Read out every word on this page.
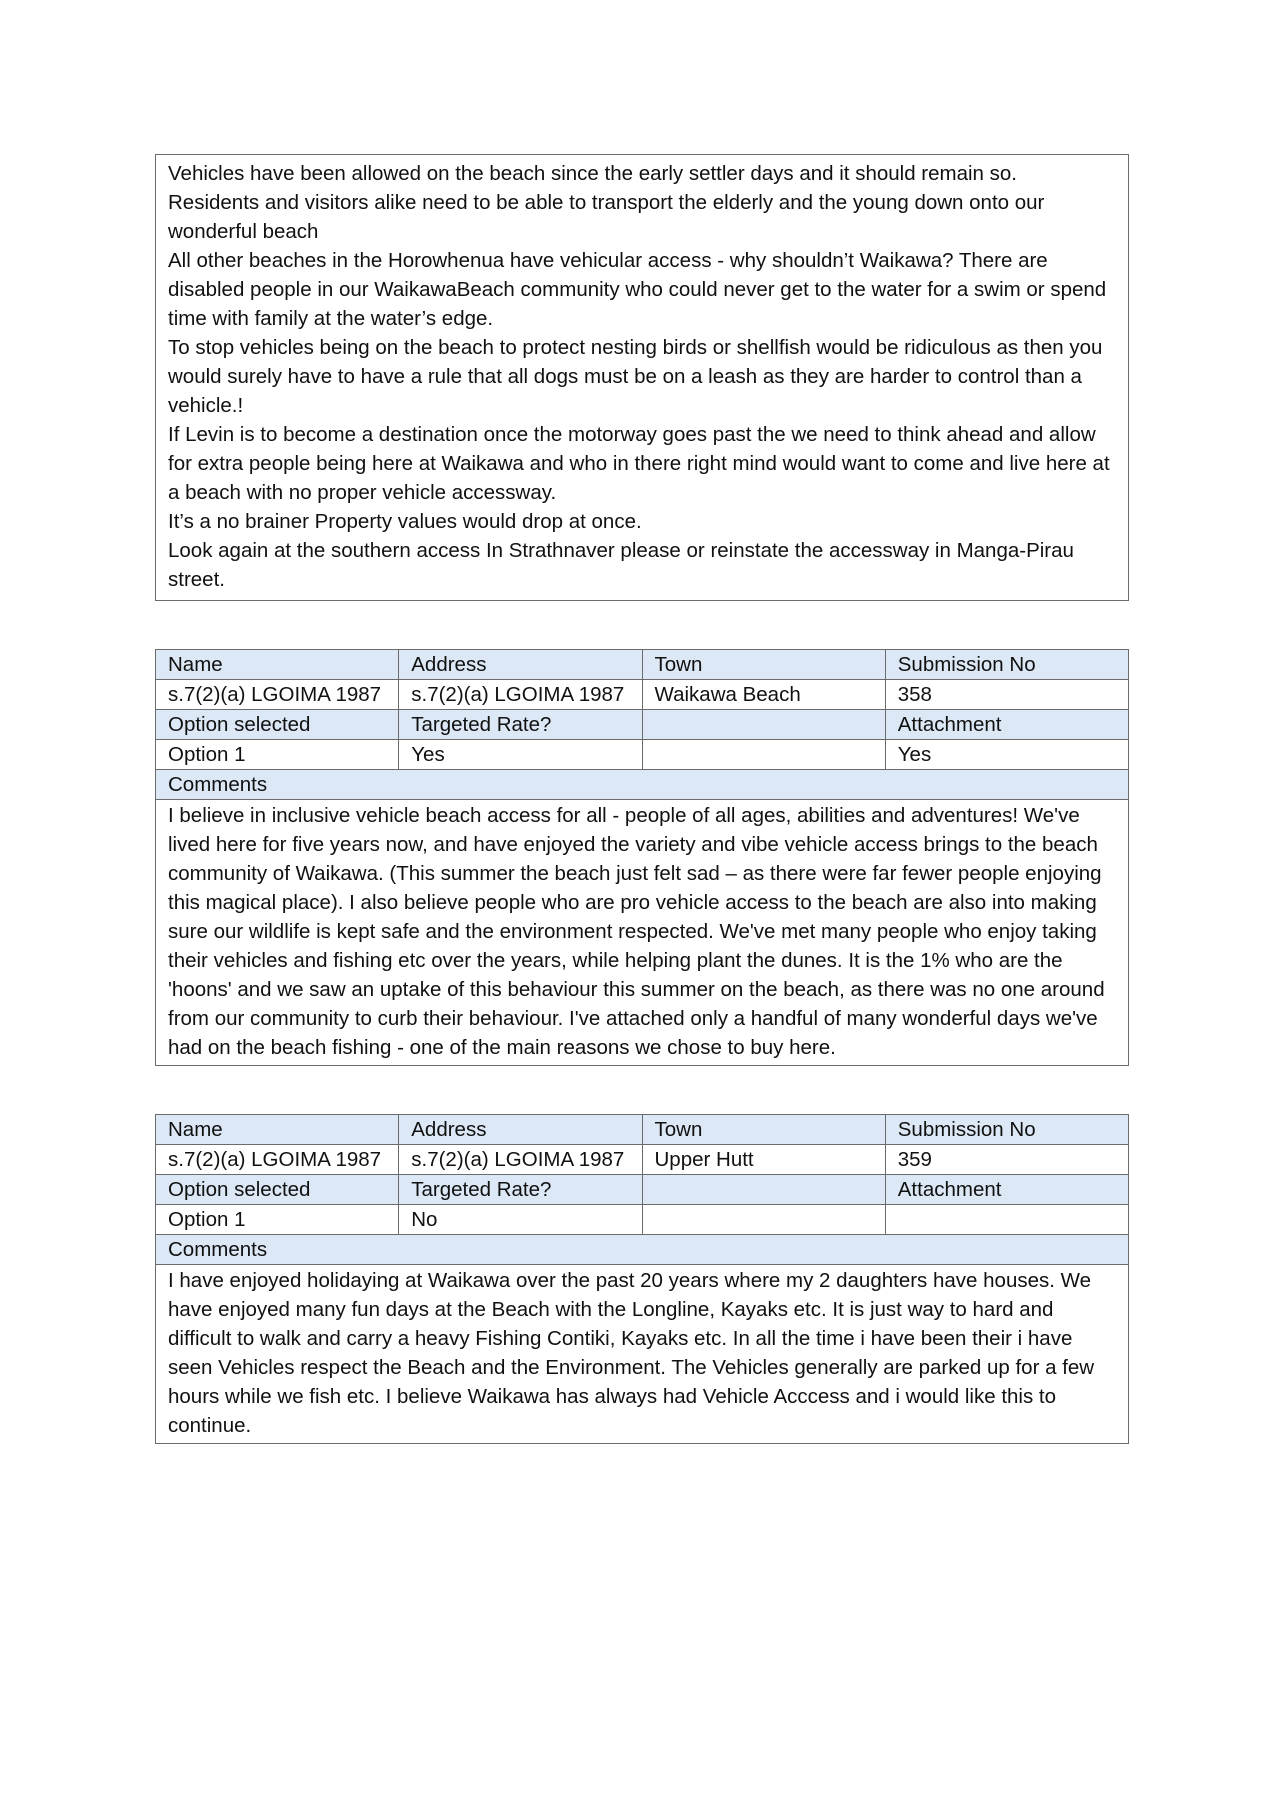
Vehicles have been allowed on the beach since the early settler days and it should remain so.

Residents and visitors alike need to be able to transport the elderly and the young down onto our wonderful beach

All other beaches in the Horowhenua have vehicular access - why shouldn’t Waikawa? There are disabled people in our WaikawaBeach community who could never get to the water for a swim or spend time with family at the water’s edge.

To stop vehicles being on the beach to protect nesting birds or shellfish would be ridiculous as then you would surely have to have a rule that all dogs must be on a leash as they are harder to control than a vehicle.!

If Levin is to become a destination once the motorway goes past the we need to think ahead and allow for extra people being here at Waikawa and who in there right mind would want to come and live here at a beach with no proper vehicle accessway.

It’s a no brainer Property values would drop at once.

Look again at the southern access In Strathnaver please or reinstate the accessway in Manga-Pirau street.

Name	Address	Town	Submission No
s.7(2)(a) LGOIMA 1987	s.7(2)(a) LGOIMA 1987	Waikawa Beach	358
Option selected	Targeted Rate?		Attachment
Option 1	Yes		Yes
Comments			
I believe in inclusive vehicle beach access for all - people of all ages, abilities and adventures! We've lived here for five years now, and have enjoyed the variety and vibe vehicle access brings to the beach community of Waikawa. (This summer the beach just felt sad – as there were far fewer people enjoying this magical place). I also believe people who are pro vehicle access to the beach are also into making sure our wildlife is kept safe and the environment respected. We've met many people who enjoy taking their vehicles and fishing etc over the years, while helping plant the dunes. It is the 1% who are the 'hoons' and we saw an uptake of this behaviour this summer on the beach, as there was no one around from our community to curb their behaviour. I've attached only a handful of many wonderful days we've had on the beach fishing - one of the main reasons we chose to buy here.			
Name	Address	Town	Submission No
s.7(2)(a) LGOIMA 1987	s.7(2)(a) LGOIMA 1987	Upper Hutt	359
Option selected	Targeted Rate?		Attachment
Option 1	No		
Comments			
I have enjoyed holidaying at Waikawa over the past 20 years where my 2 daughters have houses. We have enjoyed many fun days at the Beach with the Longline, Kayaks etc. It is just way to hard and difficult to walk and carry a heavy Fishing Contiki, Kayaks etc. In all the time i have been their i have seen Vehicles respect the Beach and the Environment. The Vehicles generally are parked up for a few hours while we fish etc. I believe Waikawa has always had Vehicle Acccess and i would like this to continue.			
